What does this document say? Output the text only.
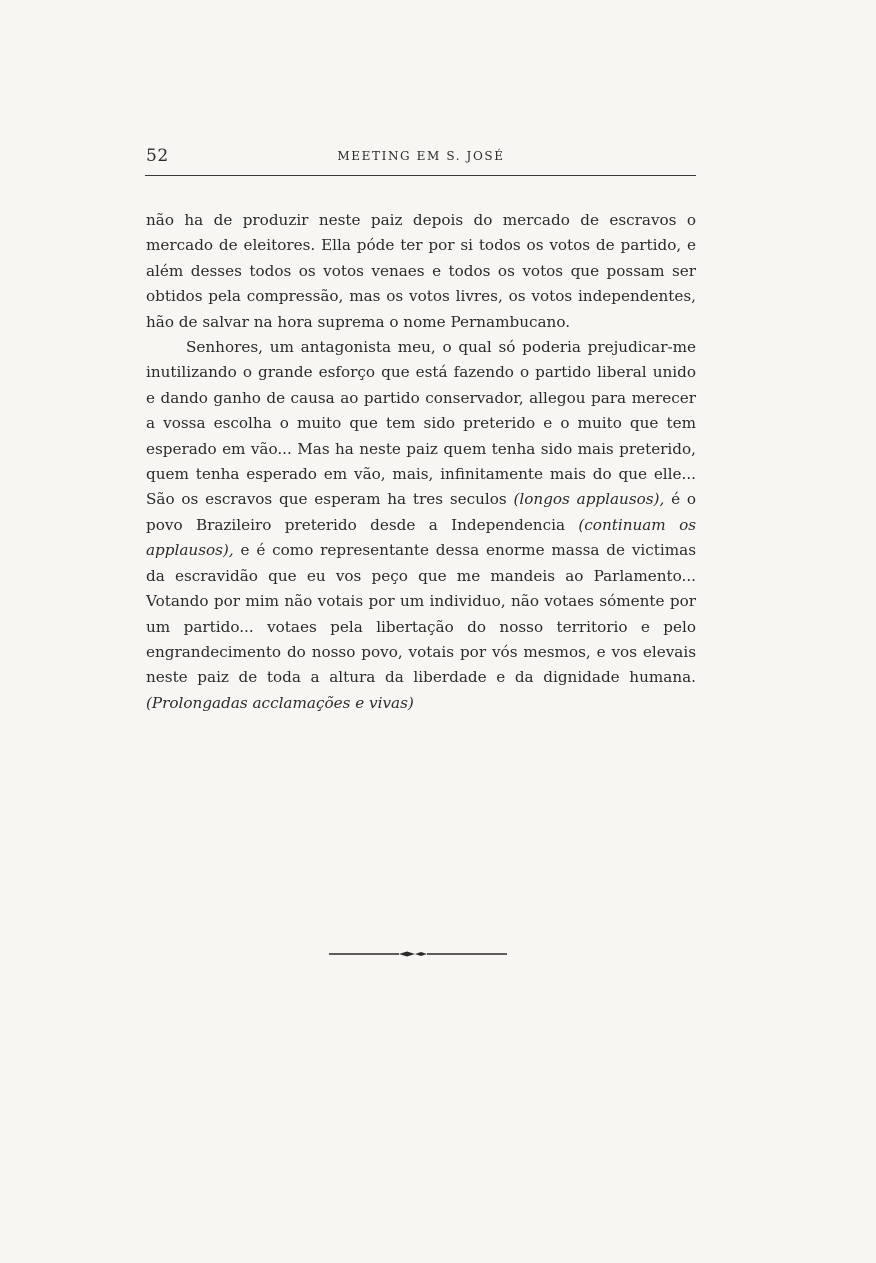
52	MEETING EM S. JOSÉ

não ha de produzir neste paiz depois do mercado de escravos o mercado de eleitores. Ella póde ter por si todos os votos de partido, e além desses todos os votos venaes e todos os votos que possam ser obtidos pela compressão, mas os votos livres, os votos independentes, hão de salvar na hora suprema o nome Pernambucano.

Senhores, um antagonista meu, o qual só poderia prejudicar-me inutilizando o grande esforço que está fazendo o partido liberal unido e dando ganho de causa ao partido conservador, allegou para merecer a vossa escolha o muito que tem sido preterido e o muito que tem esperado em vão... Mas ha neste paiz quem tenha sido mais preterido, quem tenha esperado em vão, mais, infinitamente mais do que elle... São os escravos que esperam ha tres seculos (longos applausos), é o povo Brazileiro preterido desde a Independencia (continuam os applausos), e é como representante dessa enorme massa de victimas da escravidão que eu vos peço que me mandeis ao Parlamento... Votando por mim não votais por um individuo, não votaes sómente por um partido... votaes pela libertação do nosso territorio e pelo engrandecimento do nosso povo, votais por vós mesmos, e vos elevais neste paiz de toda a altura da liberdade e da dignidade humana. (Prolongadas acclamações e vivas)
